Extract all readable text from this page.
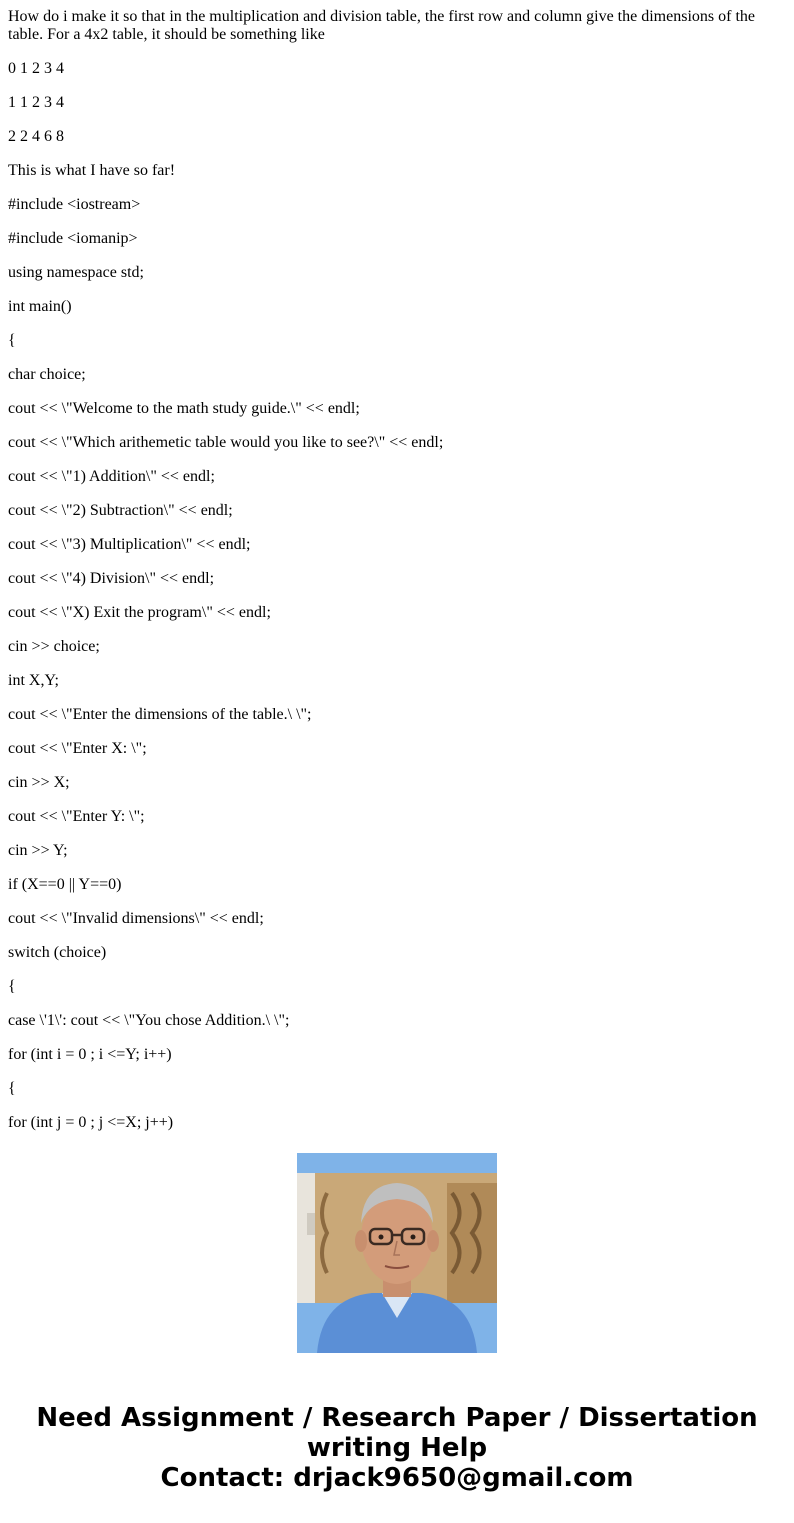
How do i make it so that in the multiplication and division table, the first row and column give the dimensions of the table. For a 4x2 table, it should be something like

0 1 2 3 4

1 1 2 3 4

2 2 4 6 8

This is what I have so far!

#include <iostream>

#include <iomanip>

using namespace std;

int main()

{

char choice;

cout << \"Welcome to the math study guide.\" << endl;

cout << \"Which arithemetic table would you like to see?\" << endl;

cout << \"1) Addition\" << endl;

cout << \"2) Subtraction\" << endl;

cout << \"3) Multiplication\" << endl;

cout << \"4) Division\" << endl;

cout << \"X) Exit the program\" << endl;

cin >> choice;

int X,Y;

cout << \"Enter the dimensions of the table.\ \";

cout << \"Enter X: \";

cin >> X;

cout << \"Enter Y: \";

cin >> Y;

if (X==0 || Y==0)

cout << \"Invalid dimensions\" << endl;

switch (choice)

{

case \'1\': cout << \"You chose Addition.\ \";

for (int i = 0 ; i <=Y; i++)

{

for (int j = 0 ; j <=X; j++)

Need Assignment / Research Paper / Dissertation
writing Help
Contact: drjack9650@gmail.com
